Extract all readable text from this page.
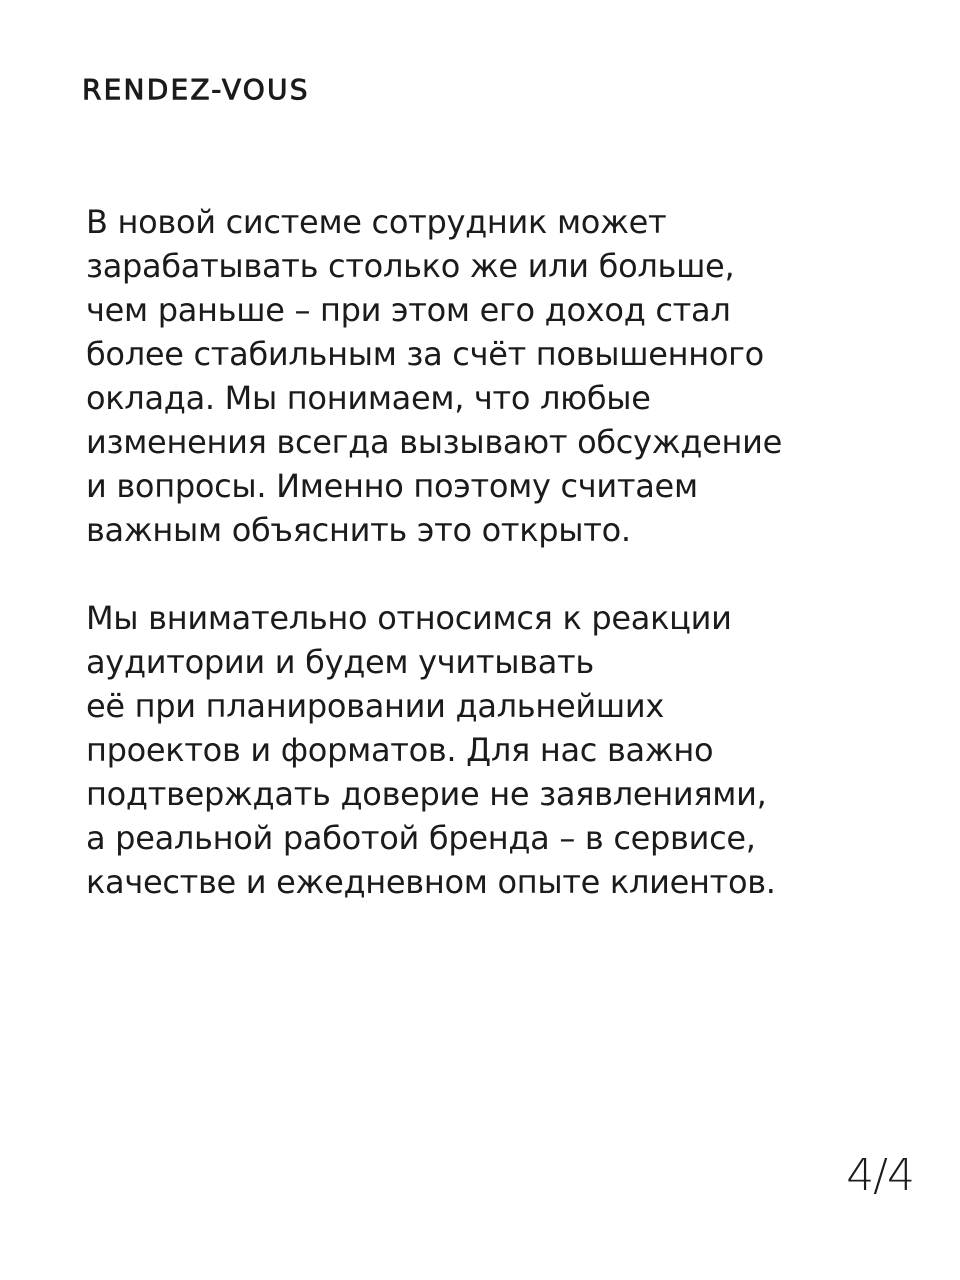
RENDEZ-VOUS

В новой системе сотрудник может
зарабатывать столько же или больше,
чем раньше – при этом его доход стал
более стабильным за счёт повышенного
оклада. Мы понимаем, что любые
изменения всегда вызывают обсуждение
и вопросы. Именно поэтому считаем
важным объяснить это открыто.

Мы внимательно относимся к реакции
аудитории и будем учитывать
её при планировании дальнейших
проектов и форматов. Для нас важно
подтверждать доверие не заявлениями,
а реальной работой бренда – в сервисе,
качестве и ежедневном опыте клиентов.

4/4
